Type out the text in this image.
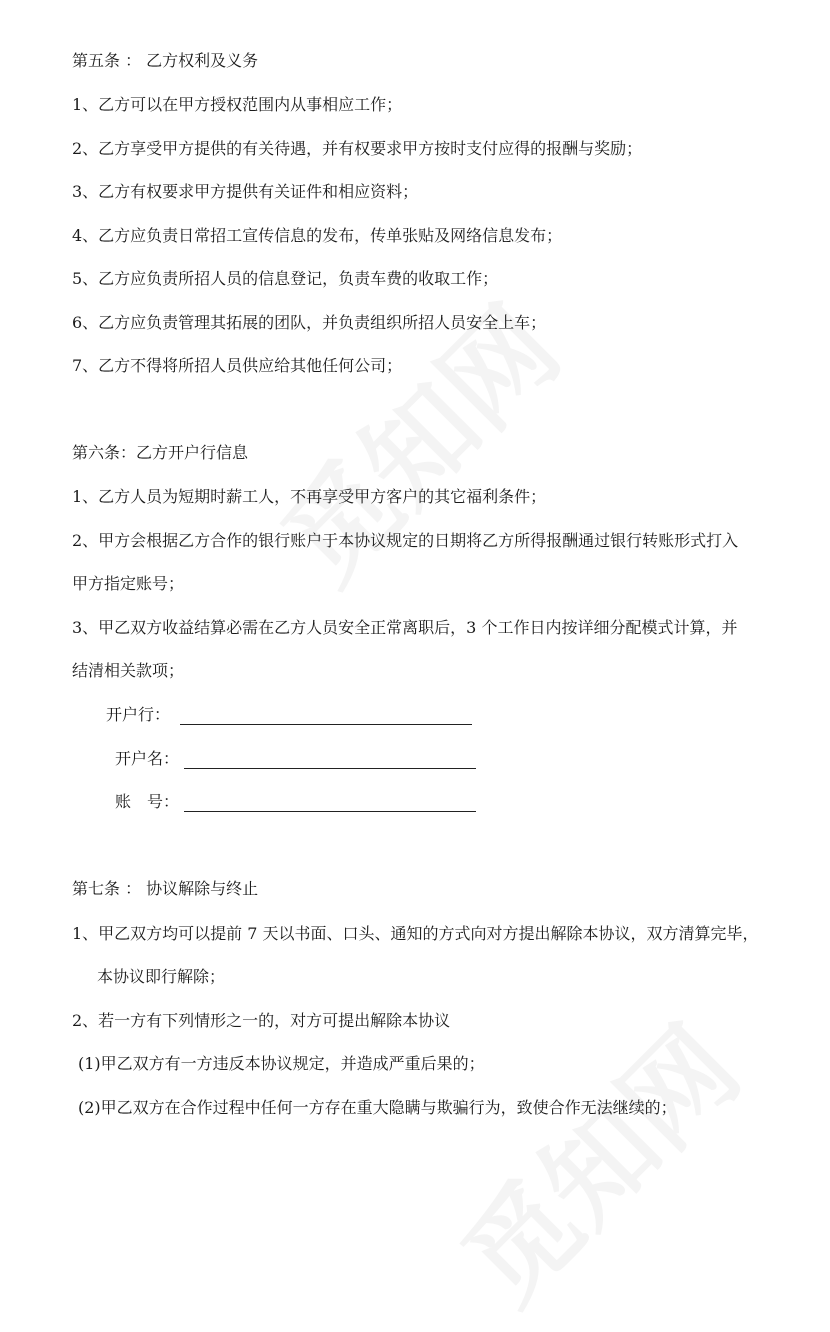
第五条 ： 乙方权利及义务

1、乙方可以在甲方授权范围内从事相应工作；

2、乙方享受甲方提供的有关待遇，并有权要求甲方按时支付应得的报酬与奖励；

3、乙方有权要求甲方提供有关证件和相应资料；

4、乙方应负责日常招工宣传信息的发布，传单张贴及网络信息发布；

5、乙方应负责所招人员的信息登记，负责车费的收取工作；

6、乙方应负责管理其拓展的团队，并负责组织所招人员安全上车；

7、乙方不得将所招人员供应给其他任何公司；

第六条：乙方开户行信息

1、乙方人员为短期时薪工人，不再享受甲方客户的其它福利条件；

2、甲方会根据乙方合作的银行账户于本协议规定的日期将乙方所得报酬通过银行转账形式打入

甲方指定账号；

3、甲乙双方收益结算必需在乙方人员安全正常离职后，3 个工作日内按详细分配模式计算，并

结清相关款项；

开户行：
开户名：
账　号：

第七条 ： 协议解除与终止

1、甲乙双方均可以提前 7 天以书面、口头、通知的方式向对方提出解除本协议，双方清算完毕，

本协议即行解除；

2、若一方有下列情形之一的，对方可提出解除本协议

(1)甲乙双方有一方违反本协议规定，并造成严重后果的；

(2)甲乙双方在合作过程中任何一方存在重大隐瞒与欺骗行为，致使合作无法继续的；
